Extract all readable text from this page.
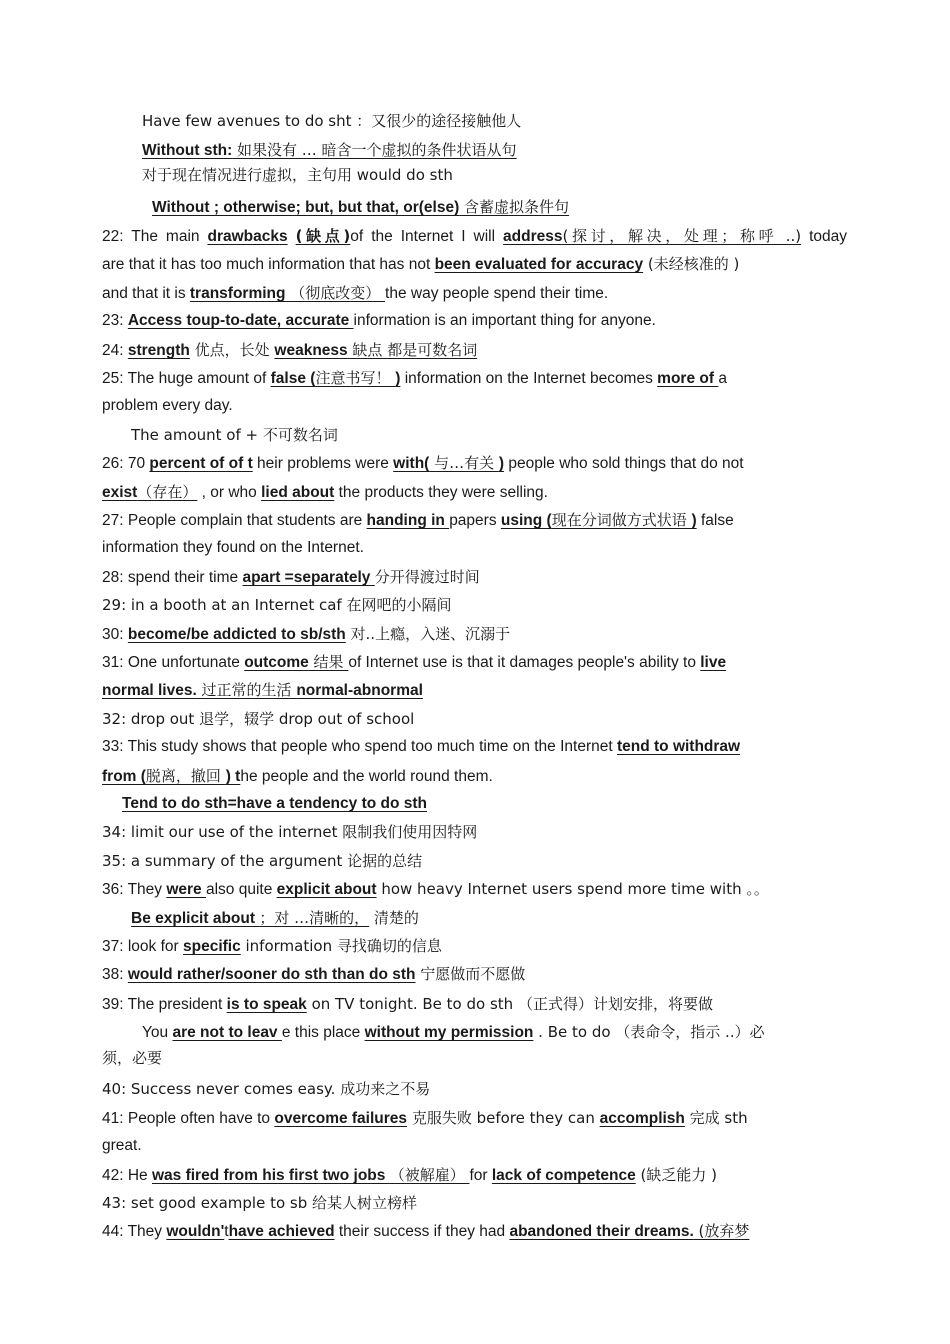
Have few avenues to do sht ：又很少的途径接触他人
Without sth: 如果没有 … 暗含一个虚拟的条件状语从句
对于现在情况进行虚拟，主句用 would do sth
Without ; otherwise; but, but that, or(else) 含蓄虚拟条件句
22: The main drawbacks (缺点)of the Internet I will address(探讨，解决，处理；称呼 ..) today
are that it has too much information that has not been evaluated for accuracy (未经核准的 )
and that it is transforming （彻底改变） the way people spend their time.
23: Access toup-to-date, accurate information is an important thing for anyone.
24: strength 优点，长处 weakness 缺点 都是可数名词
25: The huge amount of false (注意书写！ ) information on the Internet becomes more of a
problem every day.
The amount of + 不可数名词
26: 70 percent of of t heir problems were with( 与…有关 ) people who sold things that do not
exist（存在） , or who lied about the products they were selling.
27: People complain that students are handing in papers using (现在分词做方式状语 ) false
information they found on the Internet.
28: spend their time apart =separately 分开得渡过时间
29: in a booth at an Internet caf 在网吧的小隔间
30: become/be addicted to sb/sth 对..上瘾，入迷、沉溺于
31: One unfortunate outcome 结果 of Internet use is that it damages people's ability to live
normal lives. 过正常的生活 normal-abnormal
32: drop out 退学，辍学 drop out of school
33: This study shows that people who spend too much time on the Internet tend to withdraw
from (脱离，撤回 ) the people and the world round them.
Tend to do sth=have a tendency to do sth
34: limit our use of the internet 限制我们使用因特网
35: a summary of the argument 论据的总结
36: They were also quite explicit about how heavy Internet users spend more time with 。。
Be explicit about ；对 …清晰的， 清楚的
37: look for specific information 寻找确切的信息
38: would rather/sooner do sth than do sth 宁愿做而不愿做
39: The president is to speak on TV tonight. Be to do sth （正式得）计划安排，将要做
You are not to leav e this place without my permission . Be to do （表命令，指示 ..）必
须，必要
40: Success never comes easy. 成功来之不易
41: People often have to overcome failures 克服失败 before they can accomplish 完成 sth
great.
42: He was fired from his first two jobs （被解雇） for lack of competence (缺乏能力 )
43: set good example to sb 给某人树立榜样
44: They wouldn'thave achieved their success if they had abandoned their dreams. (放弃梦
